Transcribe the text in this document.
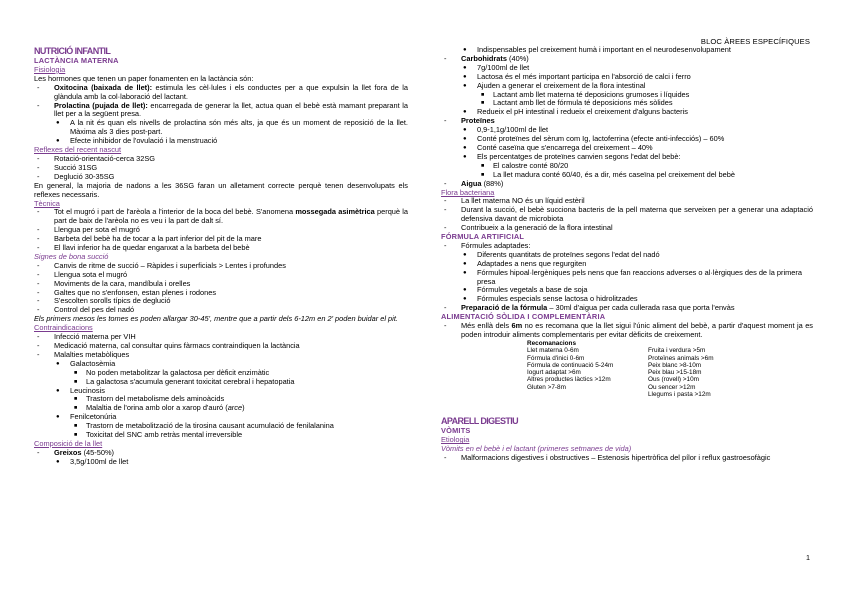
BLOC ÀREES ESPECÍFIQUES

NUTRICIÓ INFANTIL

LACTÀNCIA MATERNA

Fisiologia

Les hormones que tenen un paper fonamenten en la lactància són:

- Oxitocina (baixada de llet): estimula les cèl·lules i els conductes per a que expulsin la llet fora de la glàndula amb la col·laboració del lactant.
- Prolactina (pujada de llet): encarregada de generar la llet, actua quan el bebè està mamant preparant la llet per a la següent presa.
● A la nit és quan els nivells de prolactina són més alts, ja que és un moment de reposició de la llet. Màxima als 3 dies post-part.
● Efecte inhibidor de l'ovulació i la menstruació

Reflexes del recent nascut

- Rotació-orientació-cerca 32SG
- Succió 31SG
- Deglució 30-35SG

En general, la majoria de nadons a les 36SG faran un alletament correcte perquè tenen desenvolupats els reflexes necessaris.

Tècnica

- Tot el mugró i part de l'arèola a l'interior de la boca del bebè. S'anomena mossegada asimètrica perquè la part de baix de l'arèola no es veu i la part de dalt sí.
- Llengua per sota el mugró
- Barbeta del bebè ha de tocar a la part inferior del pit de la mare
- El llavi inferior ha de quedar enganxat a la barbeta del bebè

Signes de bona succió

- Canvis de ritme de succió – Ràpides i superficials > Lentes i profundes
- Llengua sota el mugró
- Moviments de la cara, mandíbula i orelles
- Galtes que no s'enfonsen, estan plenes i rodones
- S'escolten sorolls típics de deglució
- Control del pes del nadó

Els primers mesos les tomes es poden allargar 30-45', mentre que a partir dels 6-12m en 2' poden buidar el pit.

Contraindicacions

- Infecció materna per VIH
- Medicació materna, cal consultar quins fàrmacs contraindiquen la lactància
- Malalties metabòliques
● Galactosèmia
■ No poden metabolitzar la galactosa per dèficit enzimàtic
■ La galactosa s'acumula generant toxicitat cerebral i hepatopatia
● Leucinosis
■ Trastorn del metabolisme dels aminoàcids
■ Malaltia de l'orina amb olor a xarop d'auró (arce)
● Fenilcetonúria
■ Trastorn de metabolització de la tirosina causant acumulació de fenilalanina
■ Toxicitat del SNC amb retràs mental irreversible

Composició de la llet

- Greixos (45-50%)
● 3,5g/100ml de llet
● Indispensables pel creixement humà i important en el neurodesenvolupament
- Carbohidrats (40%)
● 7g/100ml de llet
● Lactosa és el més important participa en l'absorció de calci i ferro
● Ajuden a generar el creixement de la flora intestinal
■ Lactant amb llet materna té deposicions grumoses i líquides
■ Lactant amb llet de fórmula té deposicions més sòlides
● Redueix el pH intestinal i redueix el creixement d'alguns bacteris
- Proteïnes
● 0,9-1,1g/100ml de llet
● Conté proteïnes del sèrum com Ig, lactoferrina (efecte anti-infecciós) – 60%
● Conté caseïna que s'encarrega del creixement – 40%
● Els percentatges de proteïnes canvien segons l'edat del bebè:
■ El calostre conté 80/20
■ La llet madura conté 60/40, és a dir, més caseïna pel creixement del bebè
- Aigua (88%)

Flora bacteriana

- La llet materna NO és un líquid estèril
- Durant la succió, el bebè succiona bacteris de la pell materna que serveixen per a generar una adaptació defensiva davant de microbiota
- Contribueix a la generació de la flora intestinal

FÓRMULA ARTIFICIAL

- Fórmules adaptades:
● Diferents quantitats de proteïnes segons l'edat del nadó
● Adaptades a nens que regurgiten
● Fórmules hipoal·lergèniques pels nens que fan reaccions adverses o al·lèrgiques des de la primera presa
● Fórmules vegetals a base de soja
● Fórmules especials sense lactosa o hidrolitzades
- Preparació de la fórmula – 30ml d'aigua per cada cullerada rasa que porta l'envàs

ALIMENTACIÓ SÒLIDA I COMPLEMENTÀRIA

- Més enllà dels 6m no es recomana que la llet sigui l'únic aliment del bebè, a partir d'aquest moment ja es poden introduir aliments complementaris per evitar dèficits de creixement.
Recomanacions	
Llet materna 0-6m	Fruita i verdura >5m
Fórmula d'inici 0-6m	Proteïnes animals >6m
Fórmula de continuació 5-24m	Peix blanc >8-10m
Iogurt adaptat >6m	Peix blau >15-18m
Altres productes làctics >12m	Ous (rovell) >10m
Gluten >7-8m	Ou sencer >12m
	Llegums i pasta >12m

APARELL DIGESTIU

VÒMITS

Etiologia

Vòmits en el bebè i el lactant (primeres setmanes de vida)

- Malformacions digestives i obstructives – Estenosis hipertròfica del pílor i reflux gastroesofàgic
1
